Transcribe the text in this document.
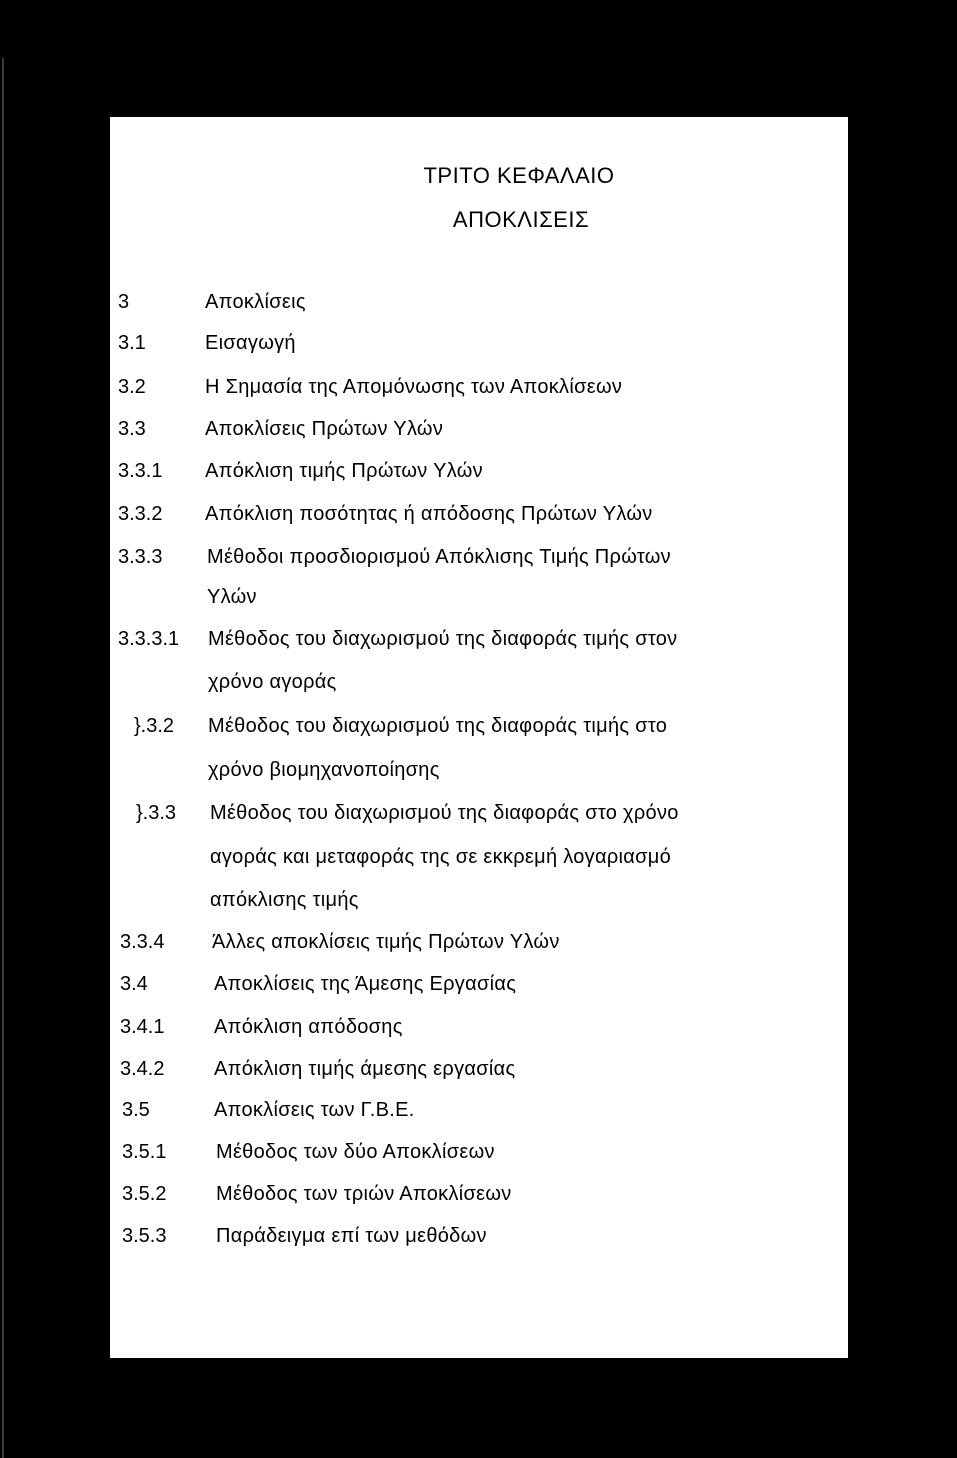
ΤΡΙΤΟ ΚΕΦΑΛΑΙΟ
ΑΠΟΚΛΙΣΕΙΣ
3	Αποκλίσεις
3.1	Εισαγωγή
3.2	Η Σημασία της Απομόνωσης των Αποκλίσεων
3.3	Αποκλίσεις Πρώτων Υλών
3.3.1 Απόκλιση τιμής Πρώτων Υλών
3.3.2 Απόκλιση ποσότητας ή απόδοσης Πρώτων Υλών
3.3.3 Μέθοδοι προσδιορισμού Απόκλισης Τιμής Πρώτων
Υλών
3.3.3.1 Μέθοδος του διαχωρισμού της διαφοράς τιμής στον
χρόνο αγοράς
}.3.2 Μέθοδος του διαχωρισμού της διαφοράς τιμής στο
χρόνο βιομηχανοποίησης
}.3.3 Μέθοδος του διαχωρισμού της διαφοράς στο χρόνο
αγοράς και μεταφοράς της σε εκκρεμή λογαριασμό
απόκλισης τιμής
3.3.4 Άλλες αποκλίσεις τιμής Πρώτων Υλών
3.4	Αποκλίσεις της Άμεσης Εργασίας
3.4.1 Απόκλιση απόδοσης
3.4.2 Απόκλιση τιμής άμεσης εργασίας
3.5	Αποκλίσεις των Γ.Β.Ε.
3.5.1 Μέθοδος των δύο Αποκλίσεων
3.5.2 Μέθοδος των τριών Αποκλίσεων
3.5.3 Παράδειγμα επί των μεθόδων
